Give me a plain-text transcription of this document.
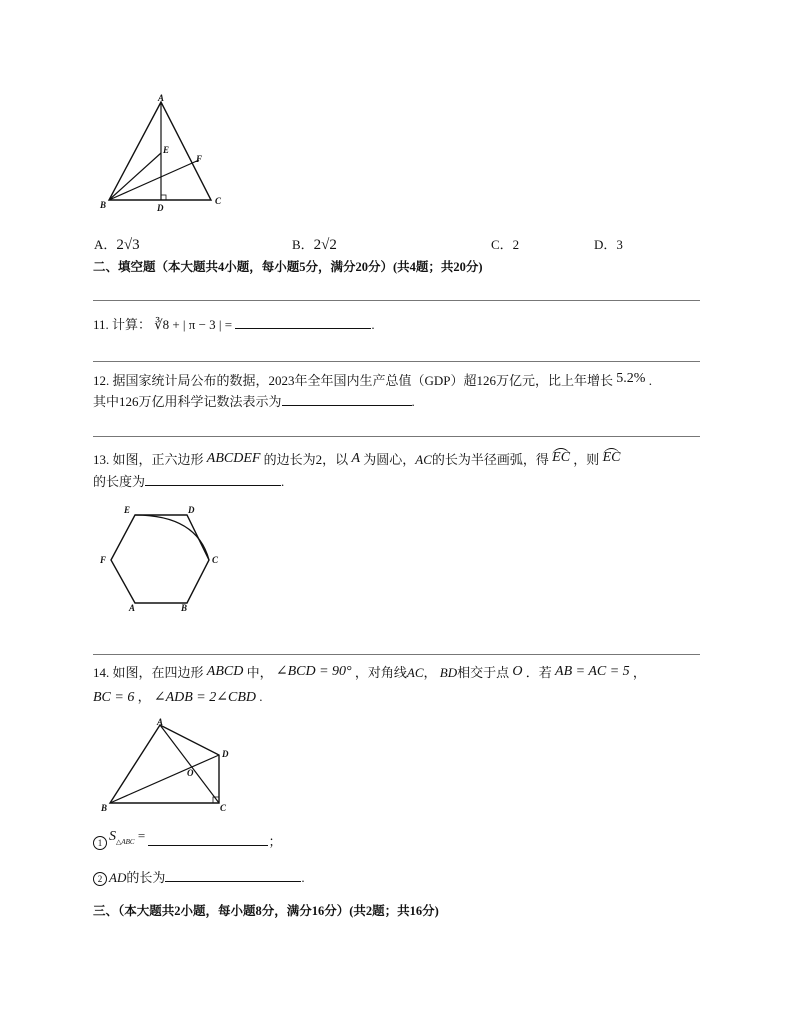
A
E
F
B	D
C
A．2√3	B．2√2	C．2	D．3
二、填空题（本大题共4小题，每小题5分，满分20分）(共4题；共20分)
11. 计算： ∛8 + | π − 3 | =	.
12. 据国家统计局公布的数据，2023年全年国内生产总值（GDP）超126万亿元，比上年增长 5.2% .
其中126万亿用科学记数法表示为	.
13. 如图，正六边形 ABCDEF 的边长为2，以 A 为圆心，AC的长为半径画弧，得 EC ，则 EC
的长度为	.
E	D
F	C
A	B
14. 如图，在四边形 ABCD 中， ∠BCD = 90° ，对角线AC， BD相交于点 O ．若 AB = AC = 5 ，
BC = 6 ， ∠ADB = 2∠CBD .
A
D
O
B	C
1 S△ABC =	；
2 AD的长为	.
三、（本大题共2小题，每小题8分，满分16分）(共2题；共16分)
